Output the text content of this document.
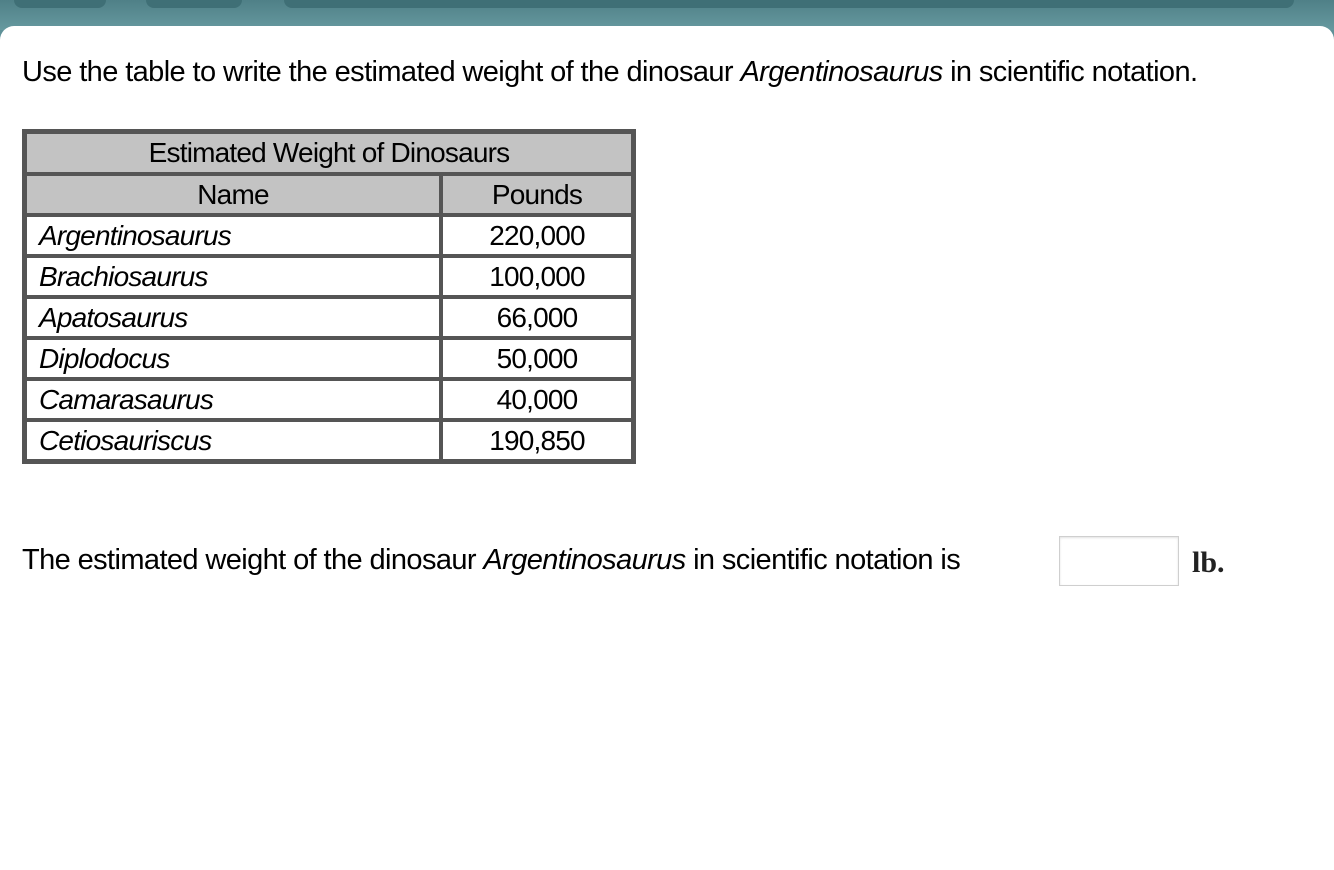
Use the table to write the estimated weight of the dinosaur Argentinosaurus in scientific notation.
Estimated Weight of Dinosaurs	
Name	Pounds
Argentinosaurus	220,000
Brachiosaurus	100,000
Apatosaurus	66,000
Diplodocus	50,000
Camarasaurus	40,000
Cetiosauriscus	190,850
The estimated weight of the dinosaur Argentinosaurus in scientific notation is	lb.
